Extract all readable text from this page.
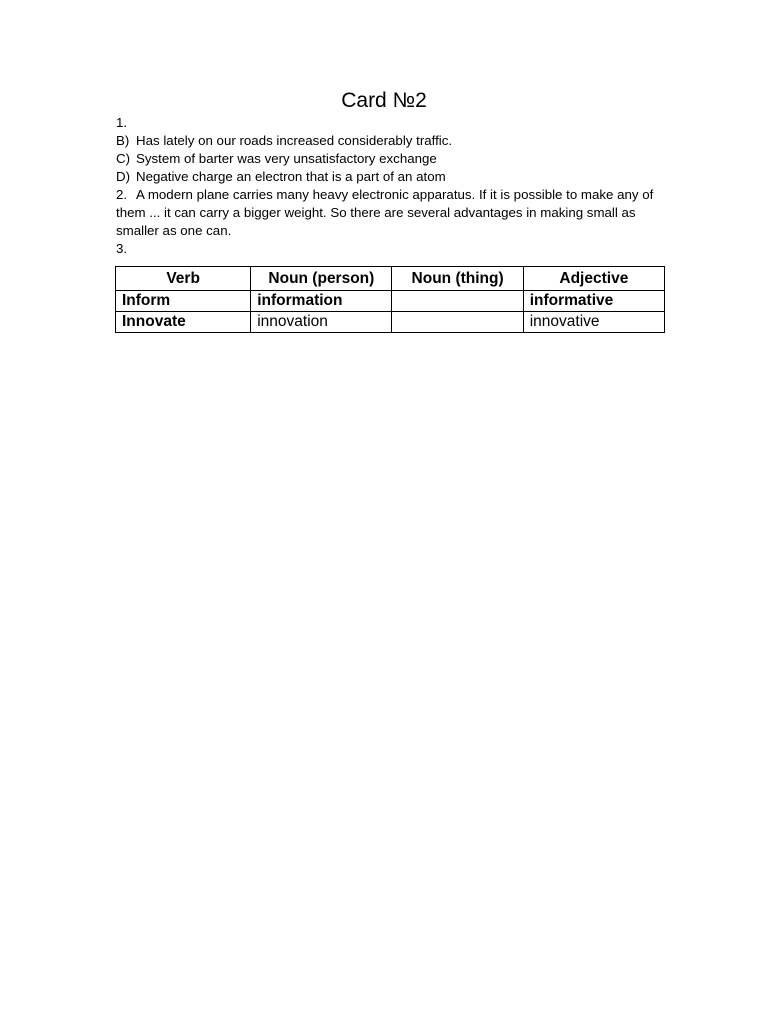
Card №2
1.
B) Has lately on our roads increased considerably traffic.
C) System of barter was very unsatisfactory exchange
D) Negative charge an electron that is a part of an atom
2. A modern plane carries many heavy electronic apparatus. If it is possible to make any of them ... it can carry a bigger weight. So there are several advantages in making small as smaller as one can.
3.
Verb	Noun (person)	Noun (thing)	Adjective
Inform	information		informative
Innovate	innovation		innovative
